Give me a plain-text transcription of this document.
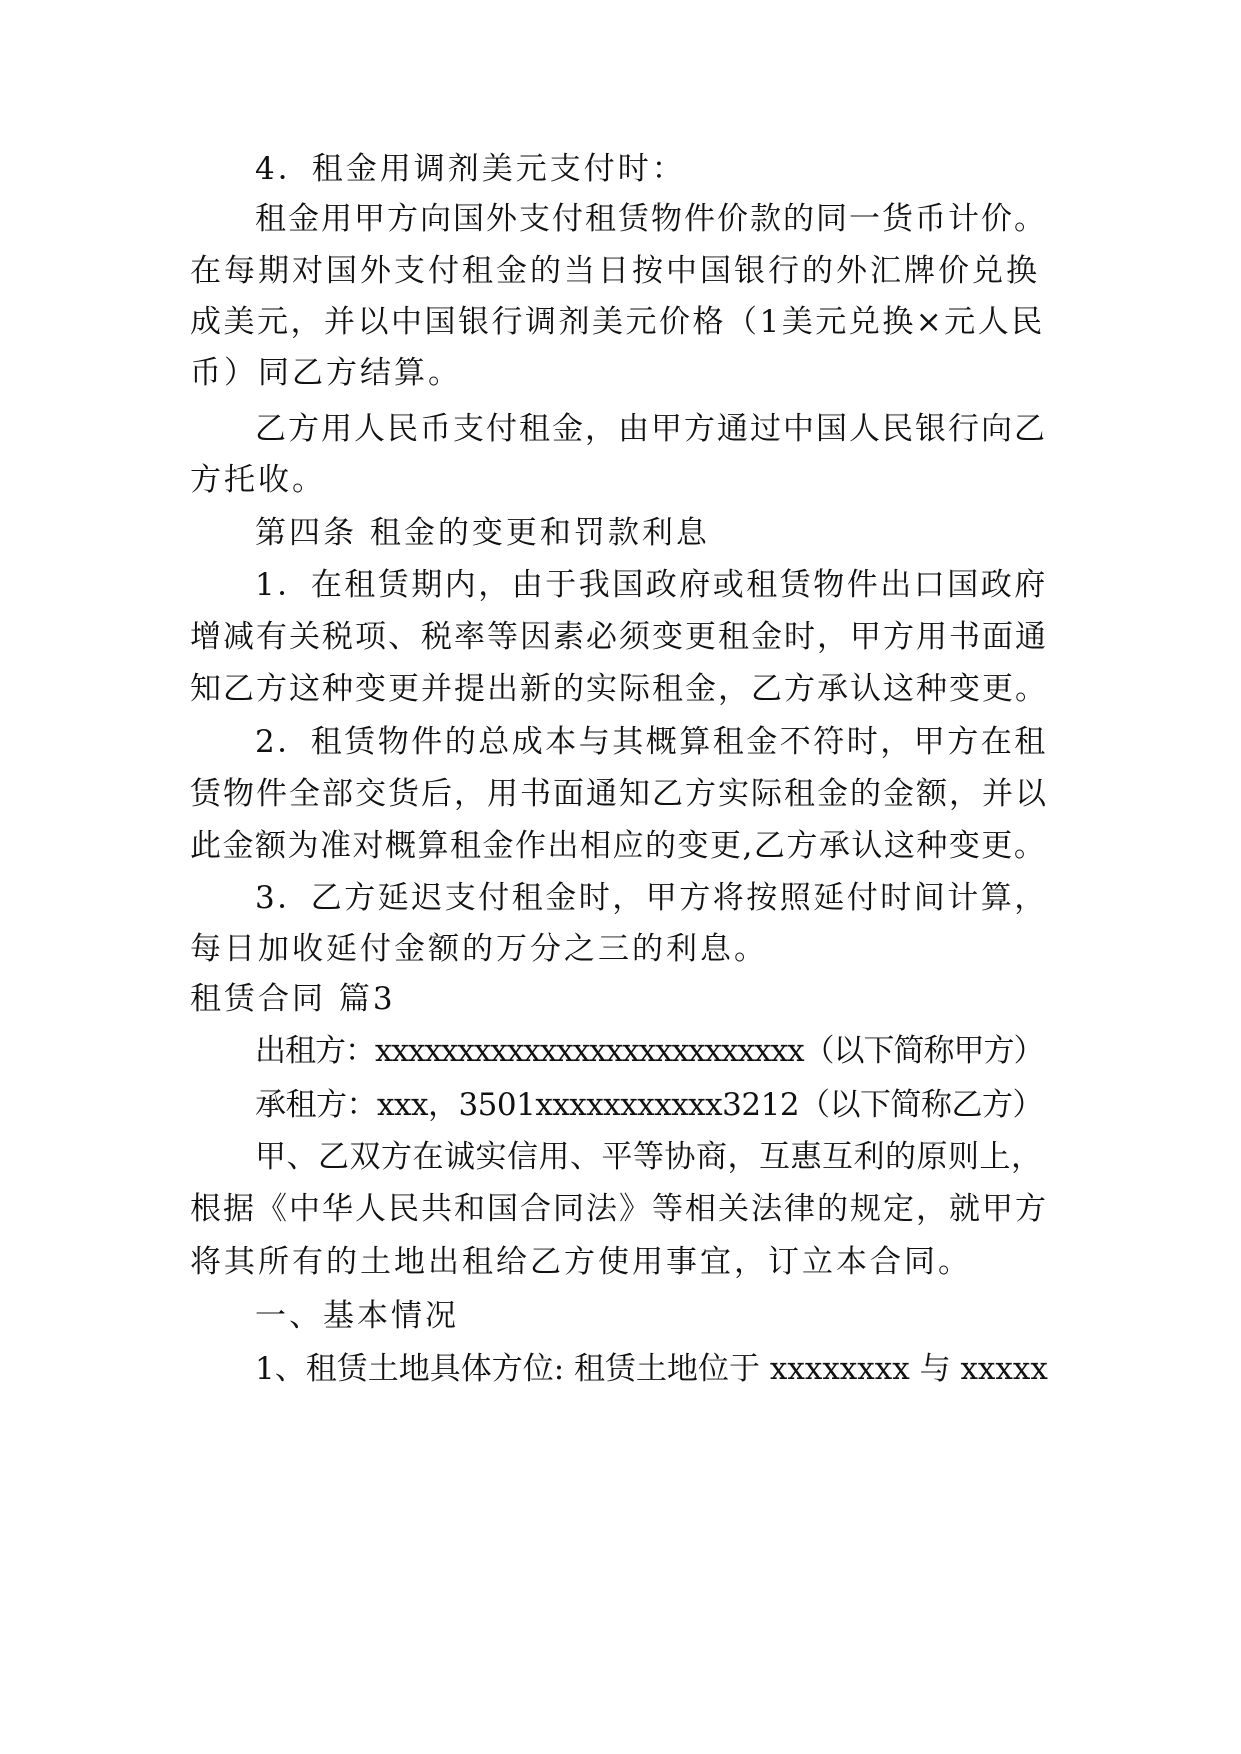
4．租金用调剂美元支付时：
租金用甲方向国外支付租赁物件价款的同一货币计价。
在每期对国外支付租金的当日按中国银行的外汇牌价兑换
成美元，并以中国银行调剂美元价格（1美元兑换×元人民
币）同乙方结算。
乙方用人民币支付租金，由甲方通过中国人民银行向乙
方托收。
第四条 租金的变更和罚款利息
1．在租赁期内，由于我国政府或租赁物件出口国政府
增减有关税项、税率等因素必须变更租金时，甲方用书面通
知乙方这种变更并提出新的实际租金，乙方承认这种变更。
2．租赁物件的总成本与其概算租金不符时，甲方在租
赁物件全部交货后，用书面通知乙方实际租金的金额，并以
此金额为准对概算租金作出相应的变更,乙方承认这种变更。
3．乙方延迟支付租金时，甲方将按照延付时间计算，
每日加收延付金额的万分之三的利息。
租赁合同 篇3
出租方：xxxxxxxxxxxxxxxxxxxxxxxxxx（以下简称甲方）
承租方：xxx，3501xxxxxxxxxxx3212（以下简称乙方）
甲、乙双方在诚实信用、平等协商，互惠互利的原则上，
根据《中华人民共和国合同法》等相关法律的规定，就甲方
将其所有的土地出租给乙方使用事宜，订立本合同。
一、基本情况
1、租赁土地具体方位: 租赁土地位于 xxxxxxxx 与 xxxxx
